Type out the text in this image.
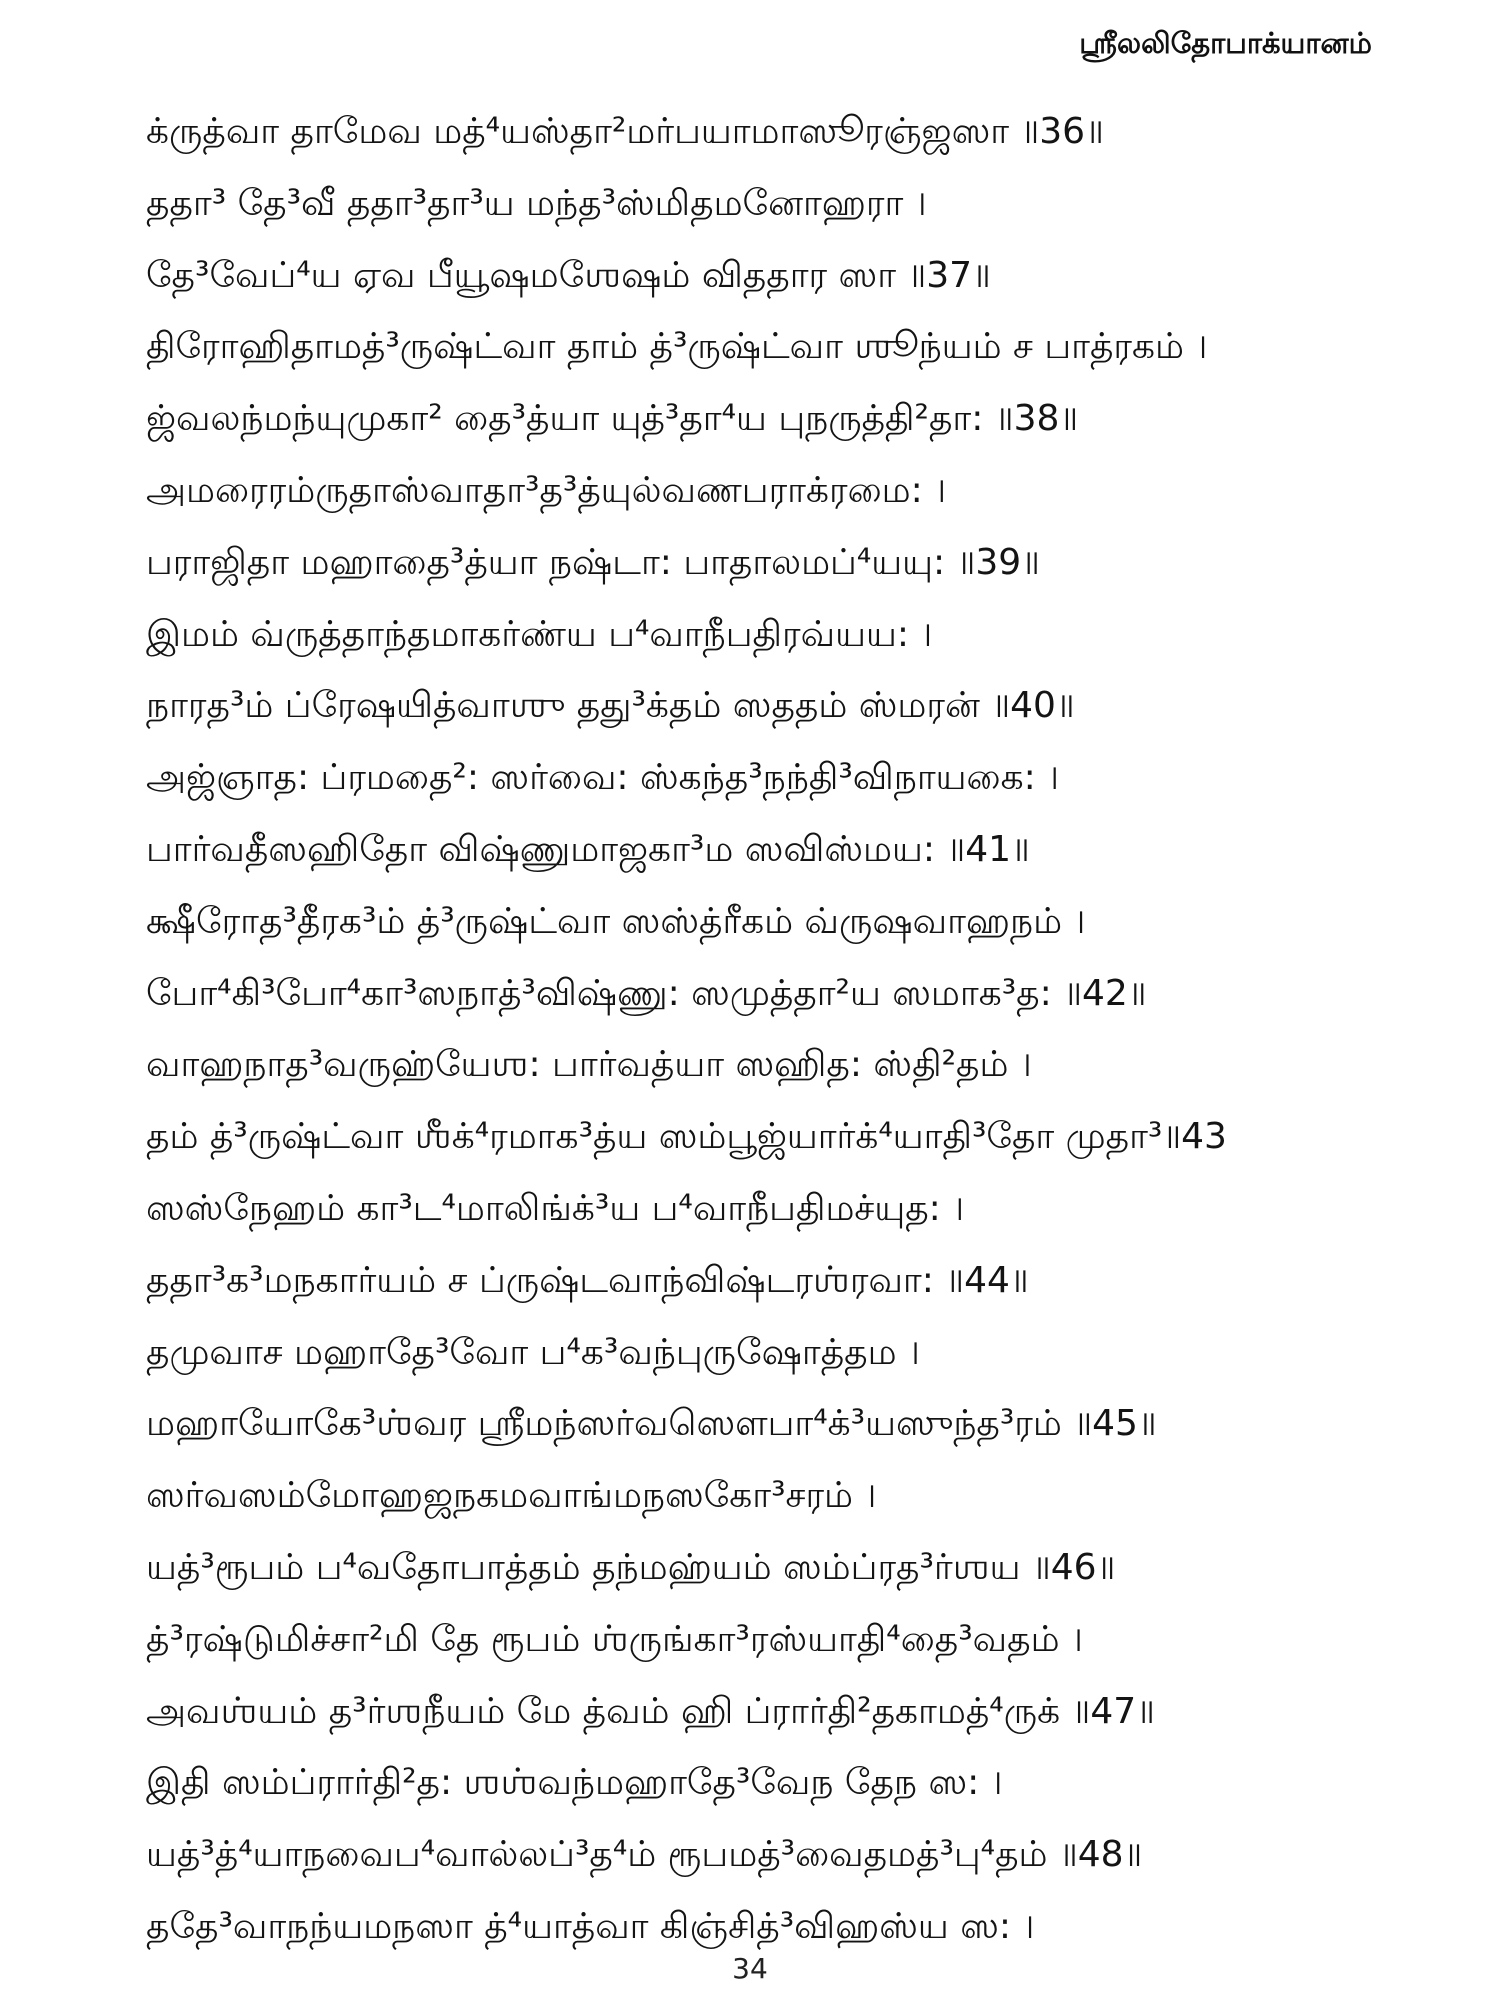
ஶ்ரீலலிதோபாக்யானம்
க்ருத்வா தாமேவ மத்⁴யஸ்தா²மர்பயாமாஸூரஞ்ஜஸா ॥36॥
ததா³ தே³வீ ததா³தா³ய மந்த³ஸ்மிதமனோஹரா ।
தே³வேப்⁴ய ஏவ பீயூஷமஶேஷம் விததார ஸா ॥37॥
திரோஹிதாமத்³ருஷ்ட்வா தாம் த்³ருஷ்ட்வா ஶூந்யம் ச பாத்ரகம் ।
ஜ்வலந்மந்யுமுகா² தை³த்யா யுத்³தா⁴ய புநருத்தி²தா꞉ ॥38॥
அமரைரம்ருதாஸ்வாதா³த³த்யுல்வணபராக்ரமை꞉ ।
பராஜிதா மஹாதை³த்யா நஷ்டா꞉ பாதாலமப்⁴யயு꞉ ॥39॥
இமம் வ்ருத்தாந்தமாகர்ண்ய ப⁴வாநீபதிரவ்யய꞉ ।
நாரத³ம் ப்ரேஷயித்வாஶு தது³க்தம் ஸததம் ஸ்மரன் ॥40॥
அஜ்ஞாத꞉ ப்ரமதை²꞉ ஸர்வை꞉ ஸ்கந்த³நந்தி³விநாயகை꞉ ।
பார்வதீஸஹிதோ விஷ்ணுமாஜகா³ம ஸவிஸ்மய꞉ ॥41॥
க்ஷீரோத³தீரக³ம் த்³ருஷ்ட்வா ஸஸ்த்ரீகம் வ்ருஷவாஹநம் ।
போ⁴கி³போ⁴கா³ஸநாத்³விஷ்ணு꞉ ஸமுத்தா²ய ஸமாக³த꞉ ॥42॥
வாஹநாத³வருஹ்யேஶ꞉ பார்வத்யா ஸஹித꞉ ஸ்தி²தம் ।
தம் த்³ருஷ்ட்வா ஶீக்⁴ரமாக³த்ய ஸம்பூஜ்யார்க்⁴யாதி³தோ முதா³॥43
ஸஸ்நேஹம் கா³ட⁴மாலிங்க்³ய ப⁴வாநீபதிமச்யுத꞉ ।
ததா³க³மநகார்யம் ச ப்ருஷ்டவாந்விஷ்டரஶ்ரவா꞉ ॥44॥
தமுவாச மஹாதே³வோ ப⁴க³வந்புருஷோத்தம ।
மஹாயோகே³ஶ்வர ஶ்ரீமந்ஸர்வஸௌபா⁴க்³யஸுந்த³ரம் ॥45॥
ஸர்வஸம்மோஹஜநகமவாங்மநஸகோ³சரம் ।
யத்³ரூபம் ப⁴வதோபாத்தம் தந்மஹ்யம் ஸம்ப்ரத³ர்ஶய ॥46॥
த்³ரஷ்டுமிச்சா²மி தே ரூபம் ஶ்ருங்கா³ரஸ்யாதி⁴தை³வதம் ।
அவஶ்யம் த³ர்ஶநீயம் மே த்வம் ஹி ப்ரார்தி²தகாமத்⁴ருக் ॥47॥
இதி ஸம்ப்ரார்தி²த꞉ ஶஶ்வந்மஹாதே³வேந தேந ஸ꞉ ।
யத்³த்⁴யாநவைப⁴வால்லப்³த⁴ம் ரூபமத்³வைதமத்³பு⁴தம் ॥48॥
ததே³வாநந்யமநஸா த்⁴யாத்வா கிஞ்சித்³விஹஸ்ய ஸ꞉ ।
34
